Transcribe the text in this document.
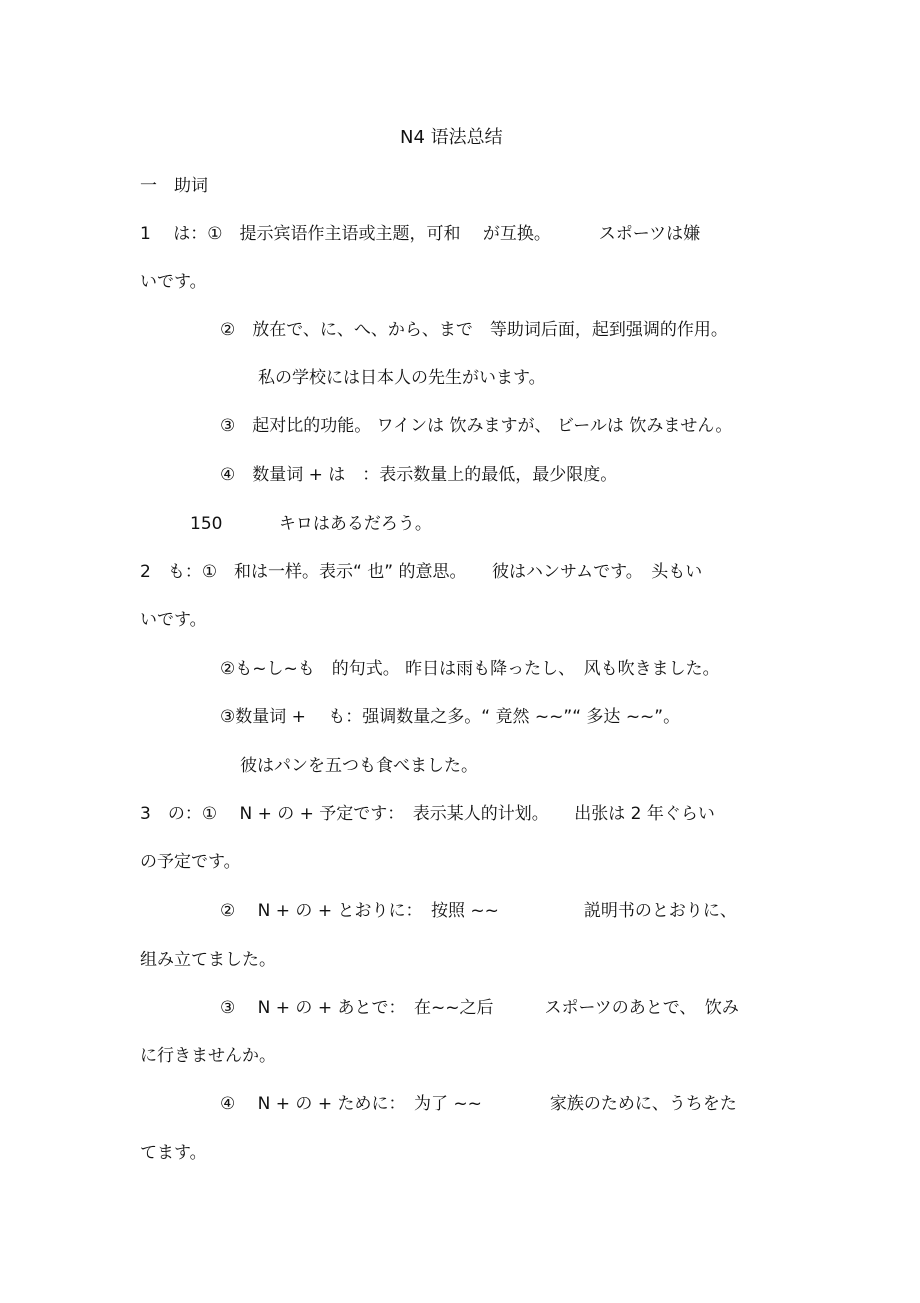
N4 语法总结
一　助词
1　 は：①　提示宾语作主语或主题，可和　 が互换。　　　 スポーツは嫌
いです。
②　放在で、に、へ、から、まで　等助词后面，起到强调的作用。
私の学校には日本人の先生がいます。
③　起对比的功能。 ワインは 饮みますが、 ビールは 饮みません。
④　数量词 + は　：表示数量上的最低，最少限度。
150　　　 キロはあるだろう。
2　も：①　和は一样。表示“ 也” 的意思。　　彼はハンサムです。　头もい
いです。
②も~し~も　的句式。 昨日は雨も降ったし、　风も吹きました。
③数量词 + 　も：强调数量之多。“ 竟然 ~~”“ 多达 ~~”。
彼はパンを五つも食べました。
3　の：①　 N + の + 予定です：　表示某人的计划。　　出张は 2 年ぐらい
の予定です。
②　 N + の + とおりに：　按照 ~~　　　　　説明书のとおりに、
组み立てました。
③　 N + の + あとで：　在~~之后　　　スポーツのあとで、　饮み
に行きませんか。
④　 N + の + ために：　为了 ~~　　　　家族のために、うちをた
てます。
